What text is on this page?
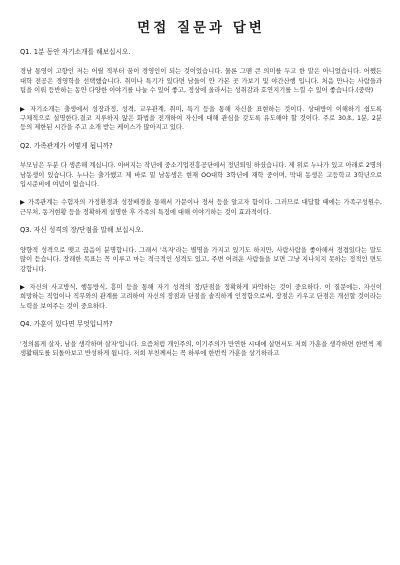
면접 질문과 답변
Q1. 1분 동안 자기소개를 해보십시오.
경남 통영이 고향인 저는 어릴 적부터 꿈이 경영인이 되는 것이었습니다. 물론 그땐 큰 의미를 두고 한 말은 아니었습니다. 어쨌든 대학 전공은 경영학을 선택했습니다. 취미나 특기가 있다면 남들이 안 가본 곳 가보기 및 야간산행 입니다. 처음 만나는 사람들과 팀을 이뤄 등반하는 동안 다양한 이야기를 나눌 수 있어 좋고, 정상에 올라서는 성취감과 호연지기를 느낄 수 있어 좋습니다.(중략)
▶ 자기소개는 출생에서 성장과정, 성격, 교우관계, 취미, 특기 등을 통해 자신을 표현하는 것이다. 상대방이 이해하기 쉽도록 구체적으로 설명한다.결코 지루하지 않은 화법을 전개하여 자신에 대해 관심을 갖도록 유도해야 할 것이다. 주로 30초, 1분, 2분 등의 제한된 시간을 주고 소개 받는 케이스가 많아지고 있다.
Q2. 가족관계가 어떻게 됩니까?
부모님은 두분 다 생존해 계십니다. 아버지는 작년에 중소기업진흥공단에서 정년퇴임 하셨습니다. 제 위로 누나가 있고 아래로 2명의 남동생이 있습니다. 누나는 출가했고 제 바로 밑 남동생은 현재 OO대학 3학년에 재학 중이며, 막내 동생은 고등학교 3학년으로 입시준비에 여념이 없습니다.
▶ 가족관계는 수험자의 가정환경과 성장배경을 통해서 가문이나 정서 등을 알고자 함이다. 그러므로 대답할 때에는 가족구성원수, 근무처, 동거현황 등을 정확하게 설명한 후 가족의 특징에 대해 이야기하는 것이 효과적이다.
Q3. 자신 성격의 장/단점을 말해 보십시오.
양향적 성격으로 맺고 끊음이 분명합니다. 그래서 '욕자'라는 별명을 가지고 있기도 하지만, 사람사람을 좋아해서 정겹있다는 말도 많이 듣습니다. 장래한 목표는 꼭 이루고 마는 적극적인 성격도 있고, 주변 어려운 사람들을 보면 그냥 지나치지 못하는 정적인 면도 강합니다.
▶ 자신의 사고방식, 행동방식, 흥미 등을 통해 자기 성격의 장/단점을 정확하게 파악하는 것이 중요하다. 이 질문에는, 자신이 희망하는 직업이나 직무와의 관계를 고려하여 자신의 장점과 단점을 솔직하게 인정함으로써, 장점은 키우고 단점은 개선할 것이라는 노력을 보여주는 것이 중요하다.
Q4. 가훈이 있다면 무엇입니까?
'정의롭게 살자, 남을 생각하며 살자'입니다. 요즘처럼 개인주의, 이기주의가 만연한 시대에 살면서도 저희 가훈을 생각하면 한번씩 제 생활태도를 되돌아보고 반성하게 됩니다. 저희 부친께서는 꼭 하루에 한번씩 가훈을 상기하라고
